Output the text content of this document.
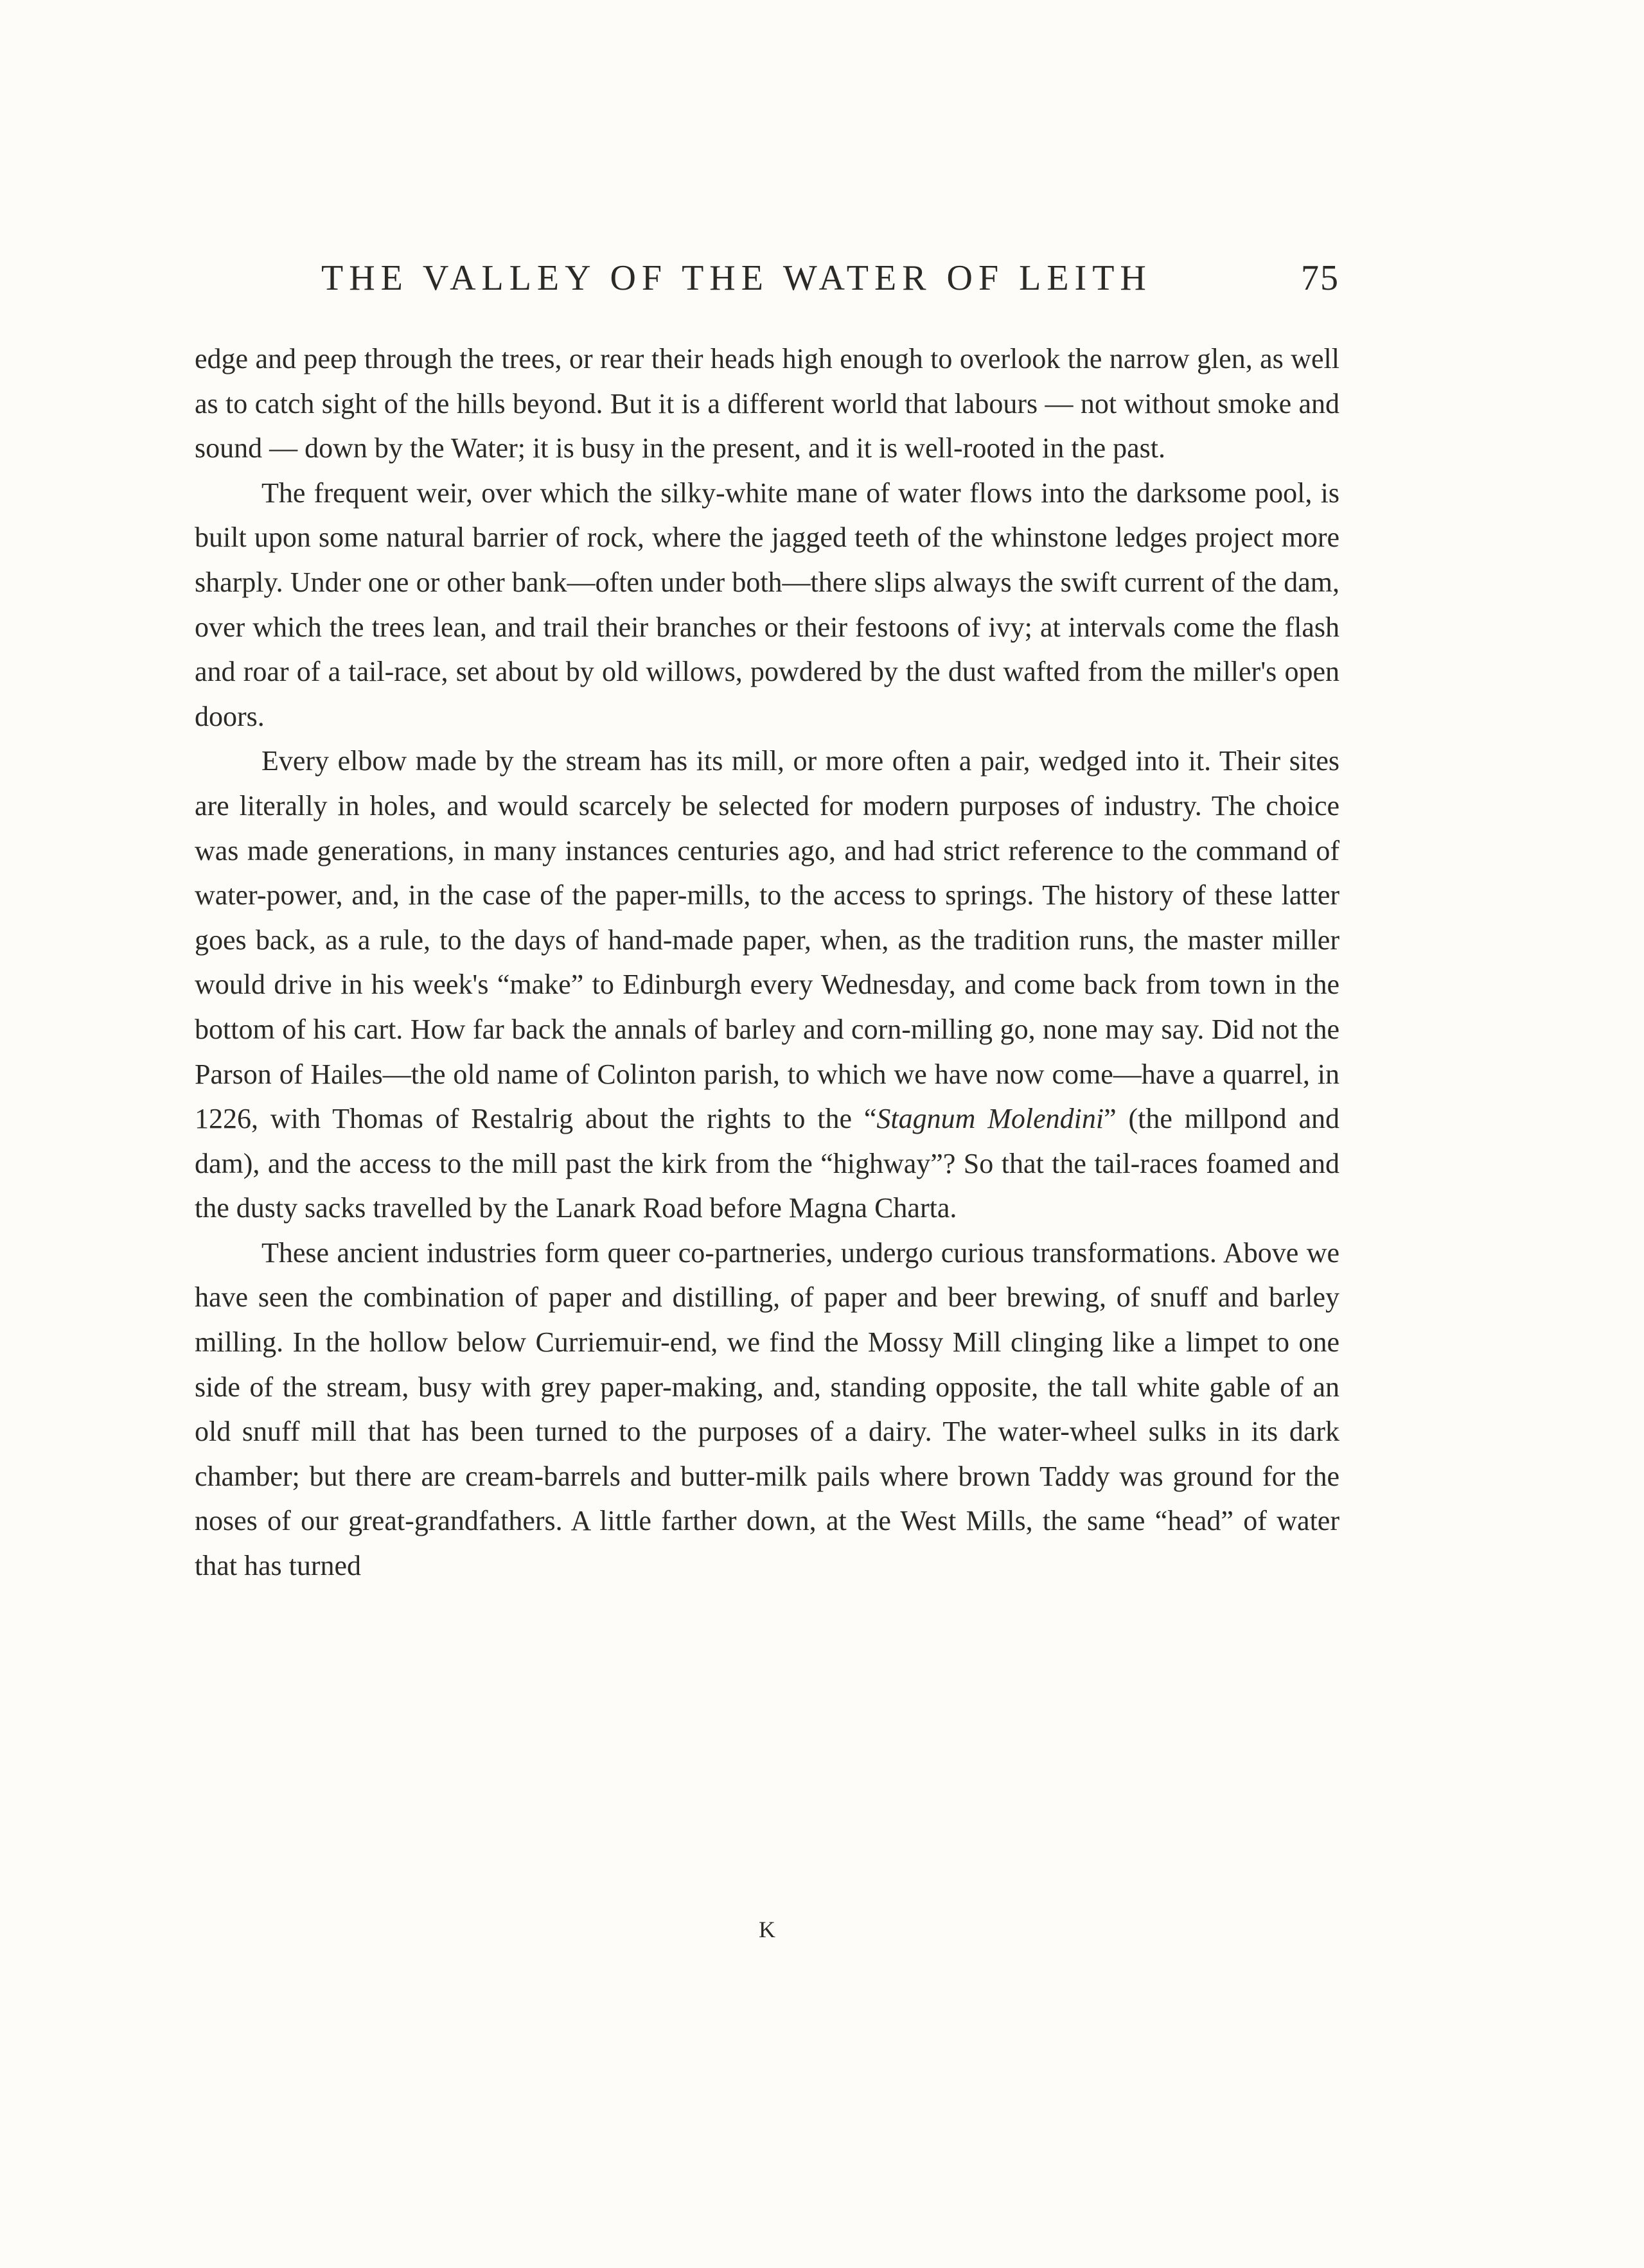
THE VALLEY OF THE WATER OF LEITH	75

edge and peep through the trees, or rear their heads high enough to overlook the narrow glen, as well as to catch sight of the hills beyond. But it is a different world that labours — not without smoke and sound — down by the Water; it is busy in the present, and it is well-rooted in the past.

The frequent weir, over which the silky-white mane of water flows into the darksome pool, is built upon some natural barrier of rock, where the jagged teeth of the whinstone ledges project more sharply. Under one or other bank—often under both—there slips always the swift current of the dam, over which the trees lean, and trail their branches or their festoons of ivy; at intervals come the flash and roar of a tail-race, set about by old willows, powdered by the dust wafted from the miller's open doors.

Every elbow made by the stream has its mill, or more often a pair, wedged into it. Their sites are literally in holes, and would scarcely be selected for modern purposes of industry. The choice was made generations, in many instances centuries ago, and had strict reference to the command of water-power, and, in the case of the paper-mills, to the access to springs. The history of these latter goes back, as a rule, to the days of hand-made paper, when, as the tradition runs, the master miller would drive in his week's “make” to Edinburgh every Wednesday, and come back from town in the bottom of his cart. How far back the annals of barley and corn-milling go, none may say. Did not the Parson of Hailes—the old name of Colinton parish, to which we have now come—have a quarrel, in 1226, with Thomas of Restalrig about the rights to the “Stagnum Molendini” (the millpond and dam), and the access to the mill past the kirk from the “highway”? So that the tail-races foamed and the dusty sacks travelled by the Lanark Road before Magna Charta.

These ancient industries form queer co-partneries, undergo curious transformations. Above we have seen the combination of paper and distilling, of paper and beer brewing, of snuff and barley milling. In the hollow below Curriemuir-end, we find the Mossy Mill clinging like a limpet to one side of the stream, busy with grey paper-making, and, standing opposite, the tall white gable of an old snuff mill that has been turned to the purposes of a dairy. The water-wheel sulks in its dark chamber; but there are cream-barrels and butter-milk pails where brown Taddy was ground for the noses of our great-grandfathers. A little farther down, at the West Mills, the same “head” of water that has turned

K
